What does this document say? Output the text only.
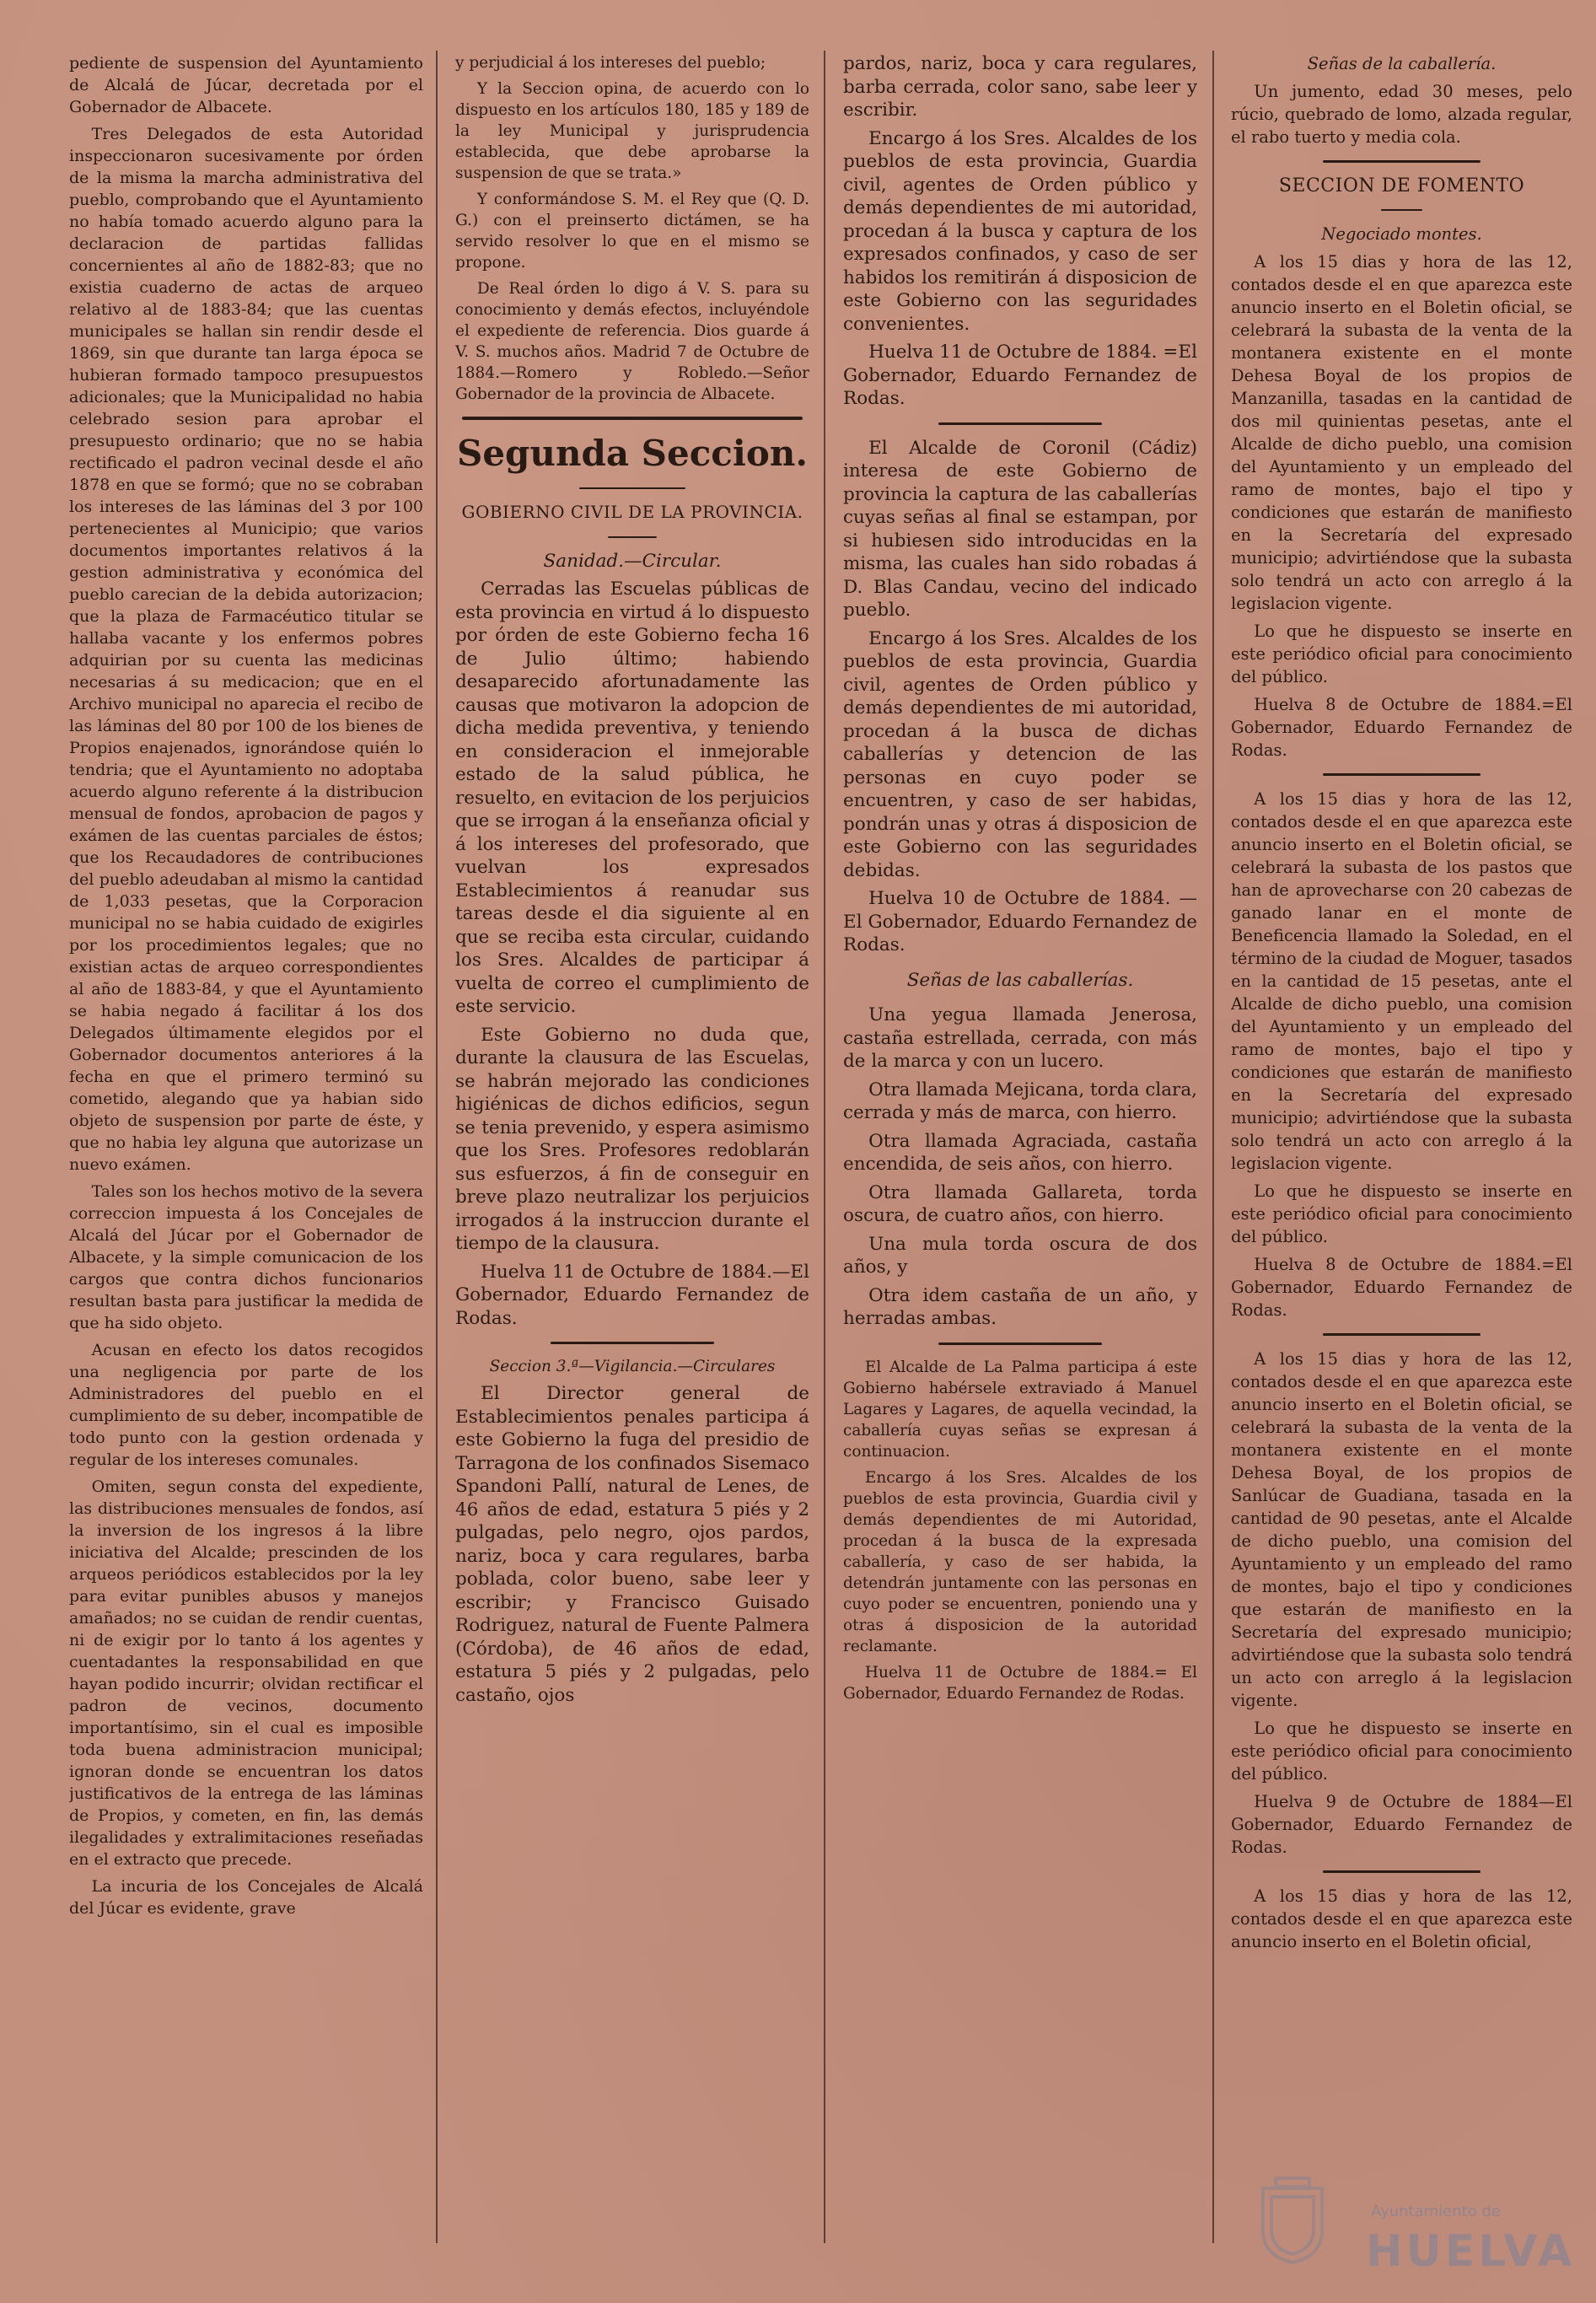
pediente de suspension del Ayuntamiento de Alcalá de Júcar, decretada por el Gobernador de Albacete.

Tres Delegados de esta Autoridad inspeccionaron sucesivamente por órden de la misma la marcha administrativa del pueblo, comprobando que el Ayuntamiento no había tomado acuerdo alguno para la declaracion de partidas fallidas concernientes al año de 1882-83; que no existia cuaderno de actas de arqueo relativo al de 1883-84; que las cuentas municipales se hallan sin rendir desde el 1869, sin que durante tan larga época se hubieran formado tampoco presupuestos adicionales; que la Municipalidad no habia celebrado sesion para aprobar el presupuesto ordinario; que no se habia rectificado el padron vecinal desde el año 1878 en que se formó; que no se cobraban los intereses de las láminas del 3 por 100 pertenecientes al Municipio; que varios documentos importantes relativos á la gestion administrativa y económica del pueblo carecian de la debida autorizacion; que la plaza de Farmacéutico titular se hallaba vacante y los enfermos pobres adquirian por su cuenta las medicinas necesarias á su medicacion; que en el Archivo municipal no aparecia el recibo de las láminas del 80 por 100 de los bienes de Propios enajenados, ignorándose quién lo tendria; que el Ayuntamiento no adoptaba acuerdo alguno referente á la distribucion mensual de fondos, aprobacion de pagos y exámen de las cuentas parciales de éstos; que los Recaudadores de contribuciones del pueblo adeudaban al mismo la cantidad de 1,033 pesetas, que la Corporacion municipal no se habia cuidado de exigirles por los procedimientos legales; que no existian actas de arqueo correspondientes al año de 1883-84, y que el Ayuntamiento se habia negado á facilitar á los dos Delegados últimamente elegidos por el Gobernador documentos anteriores á la fecha en que el primero terminó su cometido, alegando que ya habian sido objeto de suspension por parte de éste, y que no habia ley alguna que autorizase un nuevo exámen.

Tales son los hechos motivo de la severa correccion impuesta á los Concejales de Alcalá del Júcar por el Gobernador de Albacete, y la simple comunicacion de los cargos que contra dichos funcionarios resultan basta para justificar la medida de que ha sido objeto.

Acusan en efecto los datos recogidos una negligencia por parte de los Administradores del pueblo en el cumplimiento de su deber, incompatible de todo punto con la gestion ordenada y regular de los intereses comunales.

Omiten, segun consta del expediente, las distribuciones mensuales de fondos, así la inversion de los ingresos á la libre iniciativa del Alcalde; prescinden de los arqueos periódicos establecidos por la ley para evitar punibles abusos y manejos amañados; no se cuidan de rendir cuentas, ni de exigir por lo tanto á los agentes y cuentadantes la responsabilidad en que hayan podido incurrir; olvidan rectificar el padron de vecinos, documento importantísimo, sin el cual es imposible toda buena administracion municipal; ignoran donde se encuentran los datos justificativos de la entrega de las láminas de Propios, y cometen, en fin, las demás ilegalidades y extralimitaciones reseñadas en el extracto que precede.

La incuria de los Concejales de Alcalá del Júcar es evidente, grave

y perjudicial á los intereses del pueblo;

Y la Seccion opina, de acuerdo con lo dispuesto en los artículos 180, 185 y 189 de la ley Municipal y jurisprudencia establecida, que debe aprobarse la suspension de que se trata.»

Y conformándose S. M. el Rey que (Q. D. G.) con el preinserto dictámen, se ha servido resolver lo que en el mismo se propone.

De Real órden lo digo á V. S. para su conocimiento y demás efectos, incluyéndole el expediente de referencia. Dios guarde á V. S. muchos años. Madrid 7 de Octubre de 1884.—Romero y Robledo.—Señor Gobernador de la provincia de Albacete.

Segunda Seccion.

GOBIERNO CIVIL DE LA PROVINCIA.

Sanidad.—Circular.

Cerradas las Escuelas públicas de esta provincia en virtud á lo dispuesto por órden de este Gobierno fecha 16 de Julio último; habiendo desaparecido afortunadamente las causas que motivaron la adopcion de dicha medida preventiva, y teniendo en consideracion el inmejorable estado de la salud pública, he resuelto, en evitacion de los perjuicios que se irrogan á la enseñanza oficial y á los intereses del profesorado, que vuelvan los expresados Establecimientos á reanudar sus tareas desde el dia siguiente al en que se reciba esta circular, cuidando los Sres. Alcaldes de participar á vuelta de correo el cumplimiento de este servicio.

Este Gobierno no duda que, durante la clausura de las Escuelas, se habrán mejorado las condiciones higiénicas de dichos edificios, segun se tenia prevenido, y espera asimismo que los Sres. Profesores redoblarán sus esfuerzos, á fin de conseguir en breve plazo neutralizar los perjuicios irrogados á la instruccion durante el tiempo de la clausura.

Huelva 11 de Octubre de 1884.—El Gobernador, Eduardo Fernandez de Rodas.

Seccion 3.ª—Vigilancia.—Circulares

El Director general de Establecimientos penales participa á este Gobierno la fuga del presidio de Tarragona de los confinados Sisemaco Spandoni Pallí, natural de Lenes, de 46 años de edad, estatura 5 piés y 2 pulgadas, pelo negro, ojos pardos, nariz, boca y cara regulares, barba poblada, color bueno, sabe leer y escribir; y Francisco Guisado Rodriguez, natural de Fuente Palmera (Córdoba), de 46 años de edad, estatura 5 piés y 2 pulgadas, pelo castaño, ojos

pardos, nariz, boca y cara regulares, barba cerrada, color sano, sabe leer y escribir.

Encargo á los Sres. Alcaldes de los pueblos de esta provincia, Guardia civil, agentes de Orden público y demás dependientes de mi autoridad, procedan á la busca y captura de los expresados confinados, y caso de ser habidos los remitirán á disposicion de este Gobierno con las seguridades convenientes.

Huelva 11 de Octubre de 1884. =El Gobernador, Eduardo Fernandez de Rodas.

El Alcalde de Coronil (Cádiz) interesa de este Gobierno de provincia la captura de las caballerías cuyas señas al final se estampan, por si hubiesen sido introducidas en la misma, las cuales han sido robadas á D. Blas Candau, vecino del indicado pueblo.

Encargo á los Sres. Alcaldes de los pueblos de esta provincia, Guardia civil, agentes de Orden público y demás dependientes de mi autoridad, procedan á la busca de dichas caballerías y detencion de las personas en cuyo poder se encuentren, y caso de ser habidas, pondrán unas y otras á disposicion de este Gobierno con las seguridades debidas.

Huelva 10 de Octubre de 1884. —El Gobernador, Eduardo Fernandez de Rodas.

Señas de las caballerías.

Una yegua llamada Jenerosa, castaña estrellada, cerrada, con más de la marca y con un lucero.

Otra llamada Mejicana, torda clara, cerrada y más de marca, con hierro.

Otra llamada Agraciada, castaña encendida, de seis años, con hierro.

Otra llamada Gallareta, torda oscura, de cuatro años, con hierro.

Una mula torda oscura de dos años, y

Otra idem castaña de un año, y herradas ambas.

El Alcalde de La Palma participa á este Gobierno habérsele extraviado á Manuel Lagares y Lagares, de aquella vecindad, la caballería cuyas señas se expresan á continuacion.

Encargo á los Sres. Alcaldes de los pueblos de esta provincia, Guardia civil y demás dependientes de mi Autoridad, procedan á la busca de la expresada caballería, y caso de ser habida, la detendrán juntamente con las personas en cuyo poder se encuentren, poniendo una y otras á disposicion de la autoridad reclamante.

Huelva 11 de Octubre de 1884.= El Gobernador, Eduardo Fernandez de Rodas.

Señas de la caballería.

Un jumento, edad 30 meses, pelo rúcio, quebrado de lomo, alzada regular, el rabo tuerto y media cola.

SECCION DE FOMENTO

Negociado montes.

A los 15 dias y hora de las 12, contados desde el en que aparezca este anuncio inserto en el Boletin oficial, se celebrará la subasta de la venta de la montanera existente en el monte Dehesa Boyal de los propios de Manzanilla, tasadas en la cantidad de dos mil quinientas pesetas, ante el Alcalde de dicho pueblo, una comision del Ayuntamiento y un empleado del ramo de montes, bajo el tipo y condiciones que estarán de manifiesto en la Secretaría del expresado municipio; advirtiéndose que la subasta solo tendrá un acto con arreglo á la legislacion vigente.

Lo que he dispuesto se inserte en este periódico oficial para conocimiento del público.

Huelva 8 de Octubre de 1884.=El Gobernador, Eduardo Fernandez de Rodas.

A los 15 dias y hora de las 12, contados desde el en que aparezca este anuncio inserto en el Boletin oficial, se celebrará la subasta de los pastos que han de aprovecharse con 20 cabezas de ganado lanar en el monte de Beneficencia llamado la Soledad, en el término de la ciudad de Moguer, tasados en la cantidad de 15 pesetas, ante el Alcalde de dicho pueblo, una comision del Ayuntamiento y un empleado del ramo de montes, bajo el tipo y condiciones que estarán de manifiesto en la Secretaría del expresado municipio; advirtiéndose que la subasta solo tendrá un acto con arreglo á la legislacion vigente.

Lo que he dispuesto se inserte en este periódico oficial para conocimiento del público.

Huelva 8 de Octubre de 1884.=El Gobernador, Eduardo Fernandez de Rodas.

A los 15 dias y hora de las 12, contados desde el en que aparezca este anuncio inserto en el Boletin oficial, se celebrará la subasta de la venta de la montanera existente en el monte Dehesa Boyal, de los propios de Sanlúcar de Guadiana, tasada en la cantidad de 90 pesetas, ante el Alcalde de dicho pueblo, una comision del Ayuntamiento y un empleado del ramo de montes, bajo el tipo y condiciones que estarán de manifiesto en la Secretaría del expresado municipio; advirtiéndose que la subasta solo tendrá un acto con arreglo á la legislacion vigente.

Lo que he dispuesto se inserte en este periódico oficial para conocimiento del público.

Huelva 9 de Octubre de 1884—El Gobernador, Eduardo Fernandez de Rodas.

A los 15 dias y hora de las 12, contados desde el en que aparezca este anuncio inserto en el Boletin oficial,

Ayuntamiento de
HUELVA
